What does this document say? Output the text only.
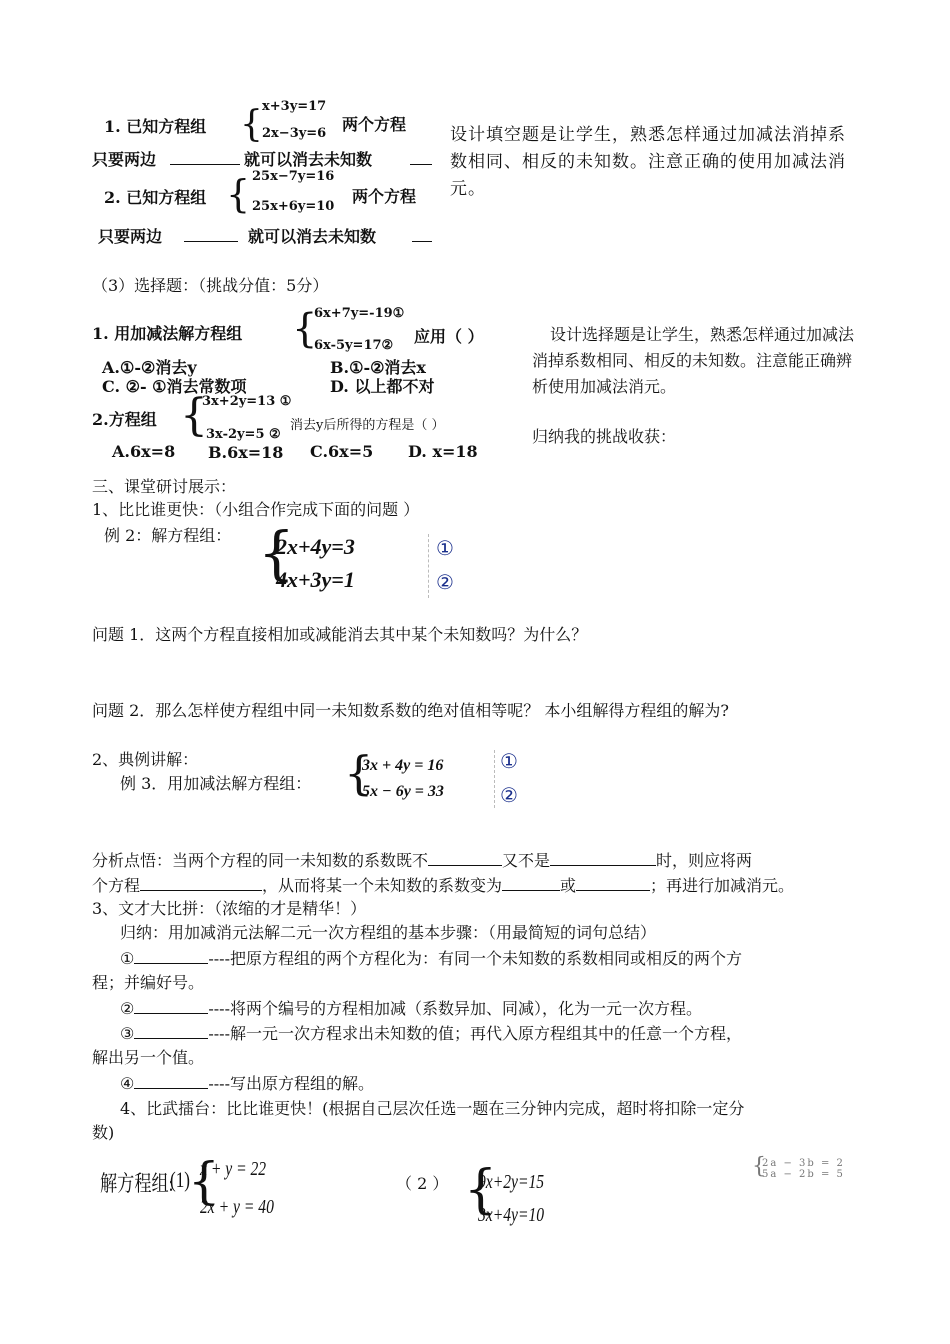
1. 已知方程组 { x+3y=17
2x−3y=6 两个方程
只要两边	就可以消去未知数
2. 已知方程组 { 25x−7y=16
25x+6y=10
两个方程
只要两边	就可以消去未知数
设计填空题是让学生，熟悉怎样通过加减法消掉系数相同、相反的未知数。注意正确的使用加减法消元。
（3）选择题：（挑战分值：5分）
1. 用加减法解方程组 {
6x+7y=-19①
6x-5y=17② 应用（ ）
A.①-②消去y	B.①-②消去x
C. ②- ①消去常数项	D. 以上都不对
2.方程组 {
3x+2y=13 ①
3x-2y=5 ②
消去y后所得的方程是（ ）
A.6x=8 B.6x=18 C.6x=5 D. x=18
设计选择题是让学生，熟悉怎样通过加减法消掉系数相同、相反的未知数。注意能正确辨析使用加减法消元。
归纳我的挑战收获：
三、课堂研讨展示：
1、比比谁更快：（小组合作完成下面的问题 ）
例 2：解方程组： {
2x+4y=3
4x+3y=1
①
②
问题 1．这两个方程直接相加或减能消去其中某个未知数吗？为什么？
问题 2．那么怎样使方程组中同一未知数系数的绝对值相等呢？ 本小组解得方程组的解为?
2、典例讲解：
例 3．用加减法解方程组： {
3x + 4y = 16
5x − 6y = 33
①
②
分析点悟：当两个方程的同一未知数的系数既不	又不是	时，则应将两
个方程	，从而将某一个未知数的系数变为	或	；再进行加减消元。
3、文才大比拼：（浓缩的才是精华！）
归纳：用加减消元法解二元一次方程组的基本步骤：（用最简短的词句总结）
①	----把原方程组的两个方程化为：有同一个未知数的系数相同或相反的两个方
程；并编好号。
②	----将两个编号的方程相加减（系数异加、同减），化为一元一次方程。
③	----解一元一次方程求出未知数的值；再代入原方程组其中的任意一个方程，
解出另一个值。
④	----写出原方程组的解。
4、比武擂台：比比谁更快！(根据自己层次任选一题在三分钟内完成，超时将扣除一定分
数)
解方程组:
(1)
{
x + y = 22
2x + y = 40
（ 2 ） {
9x+2y=15
3x+4y=10
{
2a − 3b = 2
5a − 2b = 5
